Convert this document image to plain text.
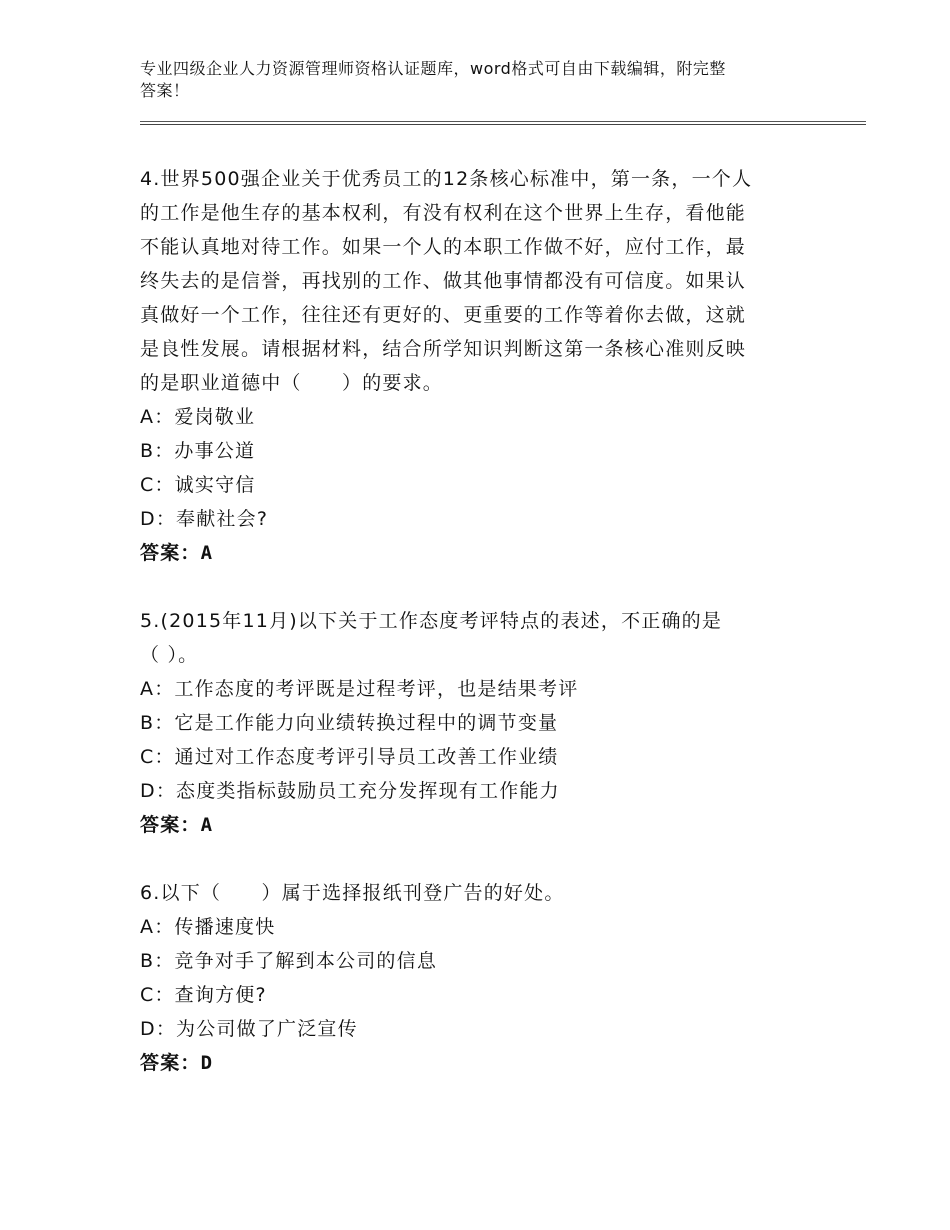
专业四级企业人力资源管理师资格认证题库，word格式可自由下载编辑，附完整
答案！
4.世界500强企业关于优秀员工的12条核心标准中，第一条，一个人
的工作是他生存的基本权利，有没有权利在这个世界上生存，看他能
不能认真地对待工作。如果一个人的本职工作做不好，应付工作，最
终失去的是信誉，再找别的工作、做其他事情都没有可信度。如果认
真做好一个工作，往往还有更好的、更重要的工作等着你去做，这就
是良性发展。请根据材料，结合所学知识判断这第一条核心准则反映
的是职业道德中（　　）的要求。
A：爱岗敬业
B：办事公道
C：诚实守信
D：奉献社会?
答案：A
5.(2015年11月)以下关于工作态度考评特点的表述，不正确的是
（ ）。
A：工作态度的考评既是过程考评，也是结果考评
B：它是工作能力向业绩转换过程中的调节变量
C：通过对工作态度考评引导员工改善工作业绩
D：态度类指标鼓励员工充分发挥现有工作能力
答案：A
6.以下（　　）属于选择报纸刊登广告的好处。
A：传播速度快
B：竞争对手了解到本公司的信息
C：查询方便?
D：为公司做了广泛宣传
答案：D
